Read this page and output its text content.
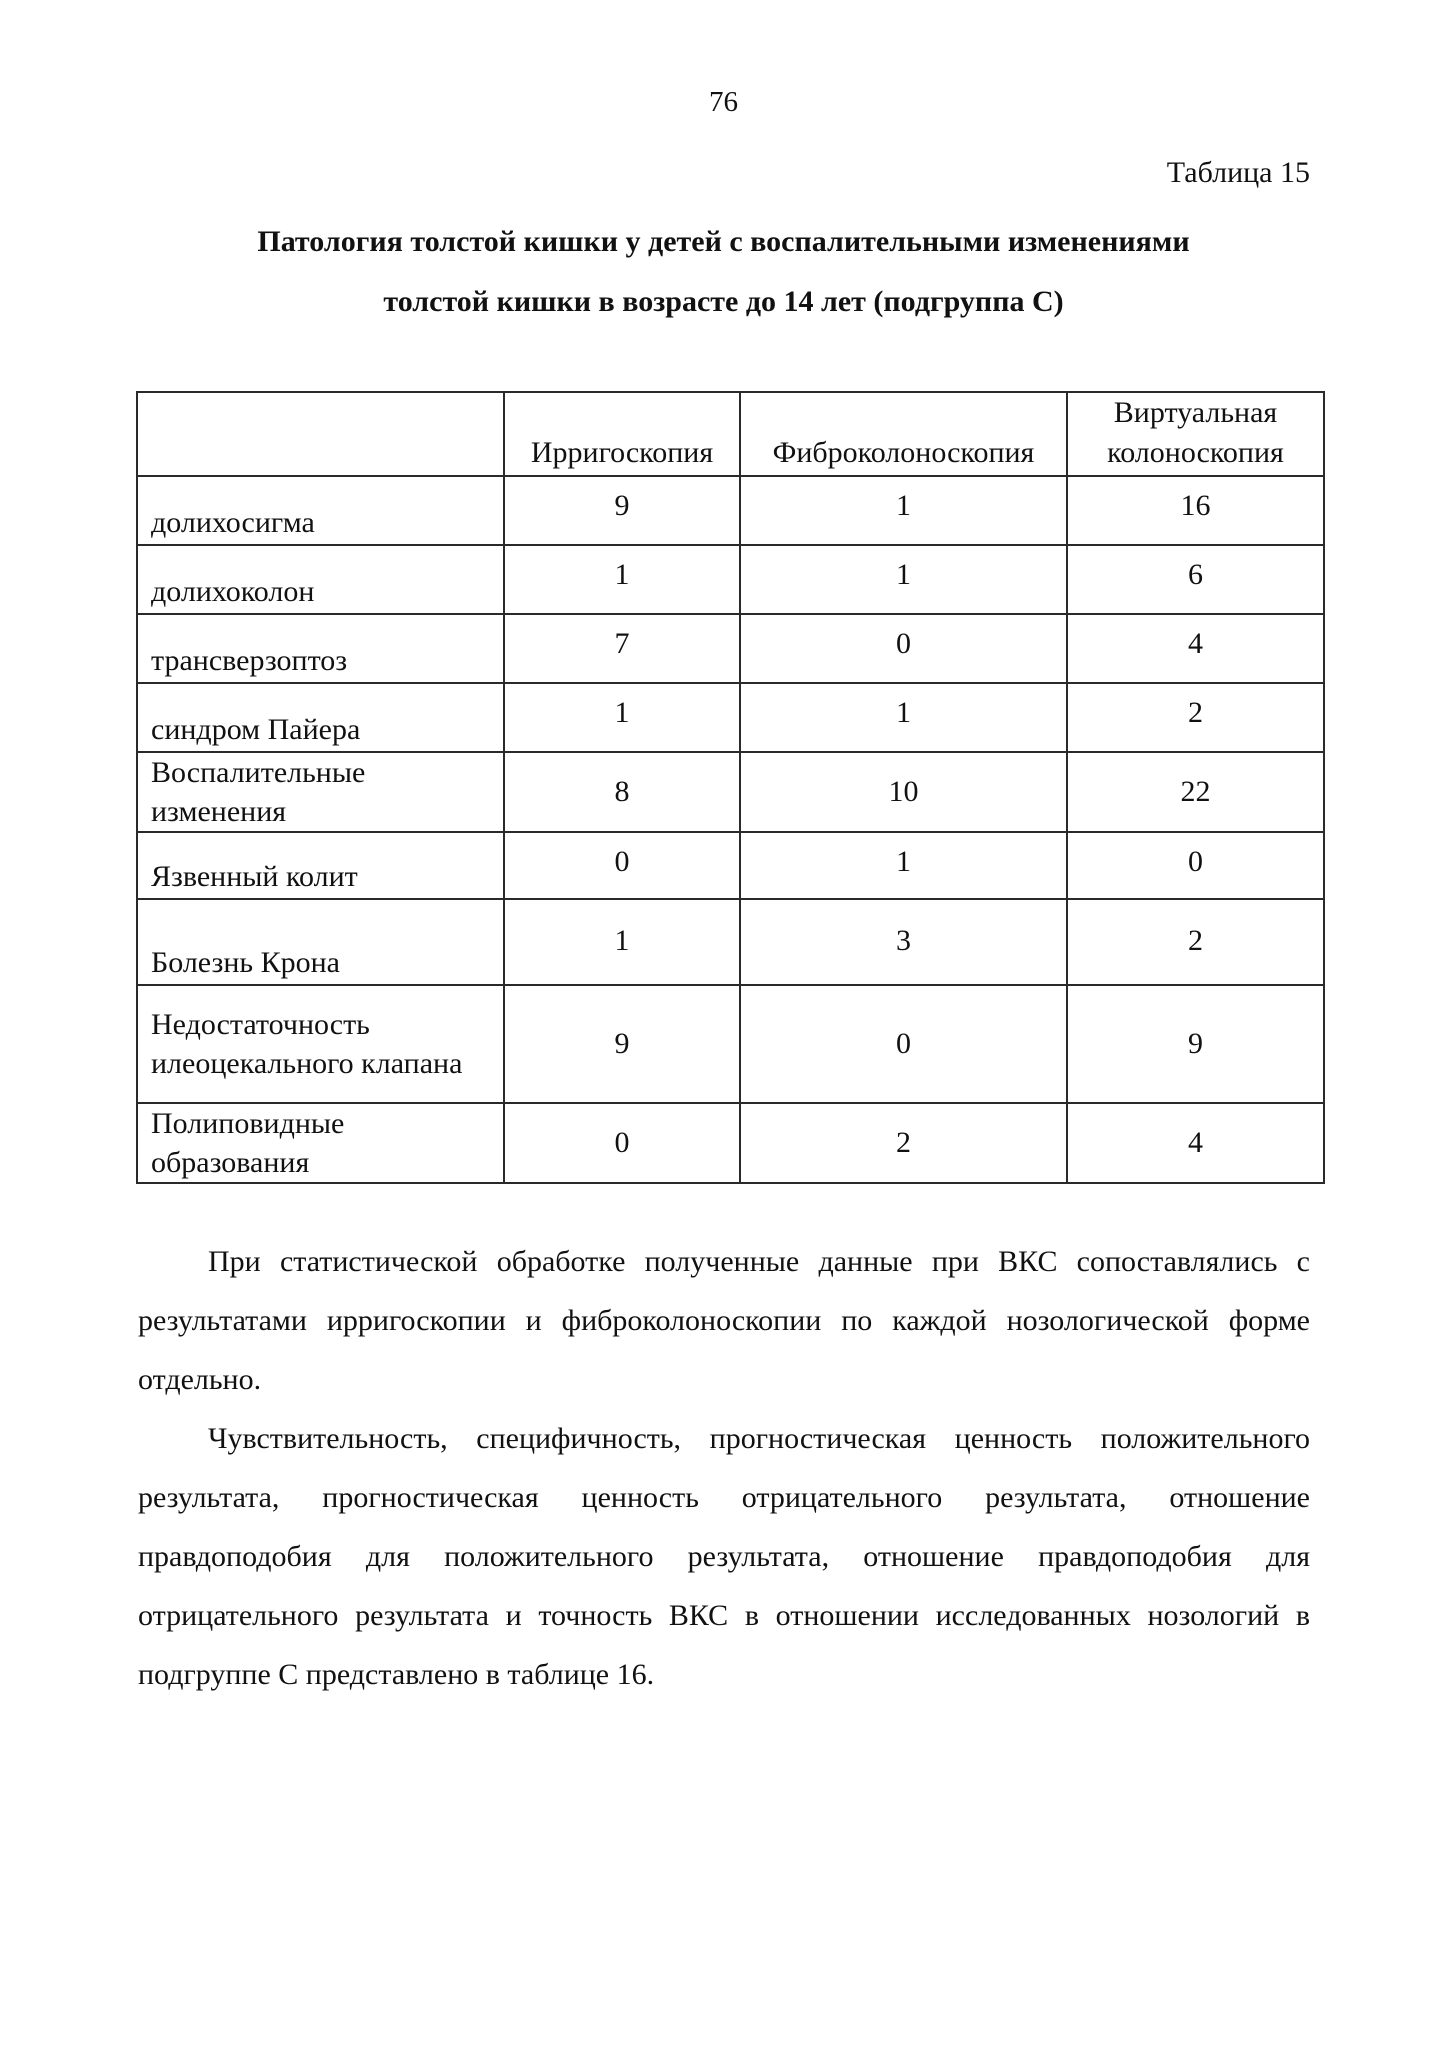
76
Таблица 15
Патология толстой кишки у детей с воспалительными изменениями
толстой кишки в возрасте до 14 лет (подгруппа С)
	Ирригоскопия	Фиброколоноскопия	Виртуальная колоноскопия
долихосигма	9	1	16
долихоколон	1	1	6
трансверзоптоз	7	0	4
синдром Пайера	1	1	2
Воспалительные изменения	8	10	22
Язвенный колит	0	1	0
Болезнь Крона	1	3	2
Недостаточность илеоцекального клапана	9	0	9
Полиповидные образования	0	2	4

При статистической обработке полученные данные при ВКС сопоставлялись с результатами ирригоскопии и фиброколоноскопии по каждой нозологической форме отдельно.

Чувствительность, специфичность, прогностическая ценность положительного результата, прогностическая ценность отрицательного результата, отношение правдоподобия для положительного результата, отношение правдоподобия для отрицательного результата и точность ВКС в отношении исследованных нозологий в подгруппе С представлено в таблице 16.
